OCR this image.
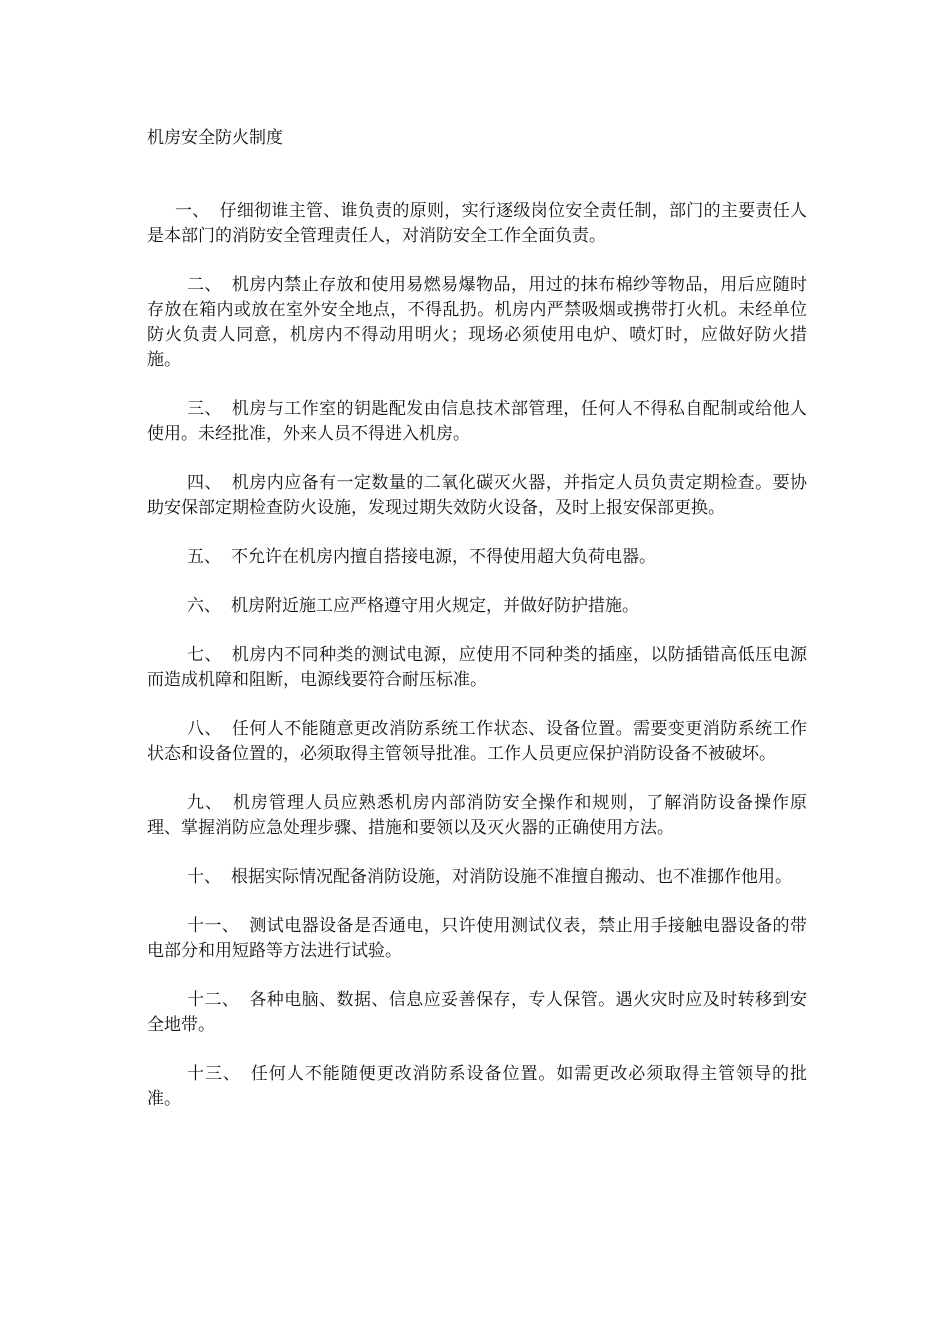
机房安全防火制度

一、 仔细彻谁主管、谁负责的原则，实行逐级岗位安全责任制，部门的主要责任人是本部门的消防安全管理责任人，对消防安全工作全面负责。

二、 机房内禁止存放和使用易燃易爆物品，用过的抹布棉纱等物品，用后应随时存放在箱内或放在室外安全地点，不得乱扔。机房内严禁吸烟或携带打火机。未经单位防火负责人同意，机房内不得动用明火；现场必须使用电炉、喷灯时，应做好防火措施。

三、 机房与工作室的钥匙配发由信息技术部管理，任何人不得私自配制或给他人使用。未经批准，外来人员不得进入机房。

四、 机房内应备有一定数量的二氧化碳灭火器，并指定人员负责定期检查。要协助安保部定期检查防火设施，发现过期失效防火设备，及时上报安保部更换。

五、 不允许在机房内擅自搭接电源，不得使用超大负荷电器。

六、 机房附近施工应严格遵守用火规定，并做好防护措施。

七、 机房内不同种类的测试电源，应使用不同种类的插座，以防插错高低压电源而造成机障和阻断，电源线要符合耐压标准。

八、 任何人不能随意更改消防系统工作状态、设备位置。需要变更消防系统工作状态和设备位置的，必须取得主管领导批准。工作人员更应保护消防设备不被破坏。

九、 机房管理人员应熟悉机房内部消防安全操作和规则，了解消防设备操作原理、掌握消防应急处理步骤、措施和要领以及灭火器的正确使用方法。

十、 根据实际情况配备消防设施，对消防设施不准擅自搬动、也不准挪作他用。

十一、 测试电器设备是否通电，只许使用测试仪表，禁止用手接触电器设备的带电部分和用短路等方法进行试验。

十二、 各种电脑、数据、信息应妥善保存，专人保管。遇火灾时应及时转移到安全地带。

十三、 任何人不能随便更改消防系设备位置。如需更改必须取得主管领导的批准。
